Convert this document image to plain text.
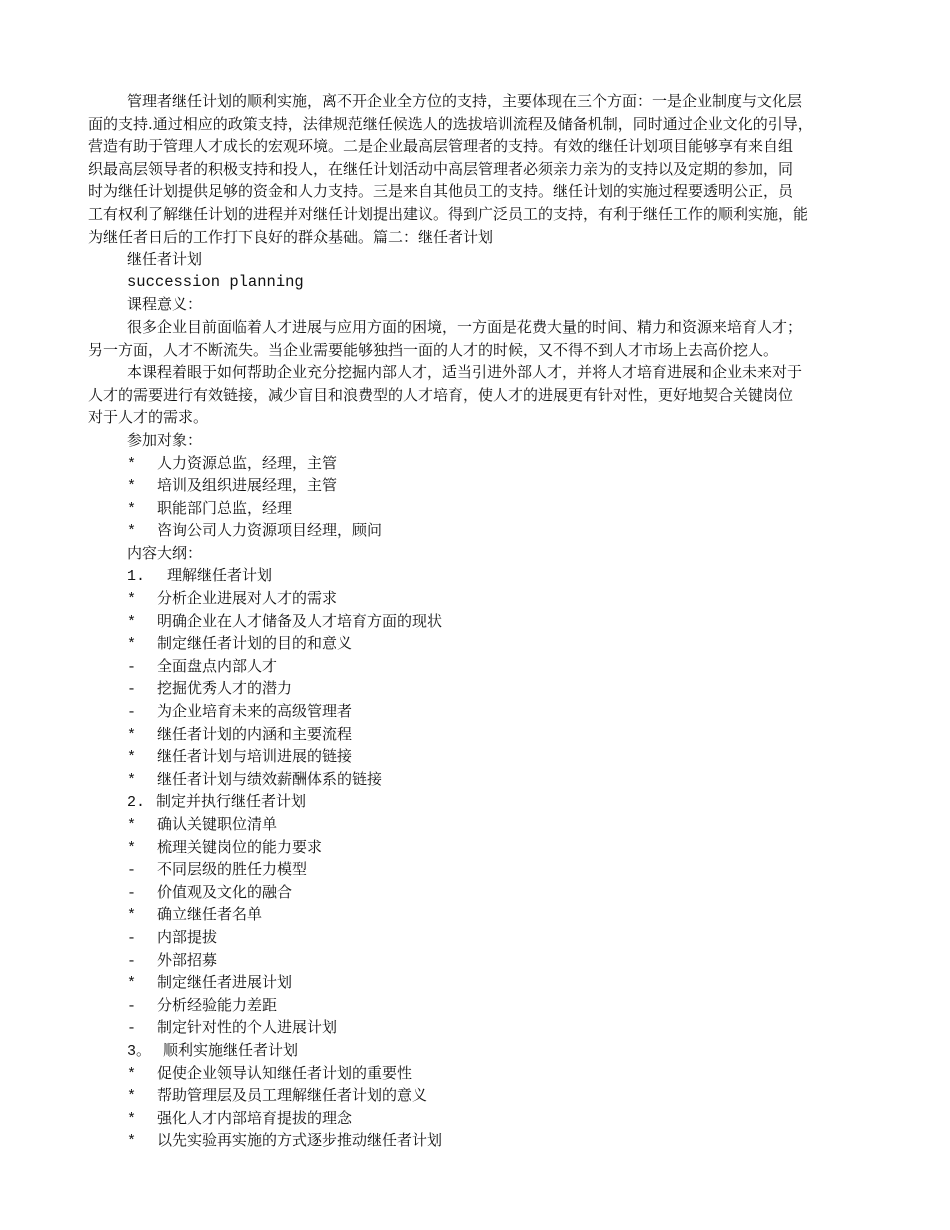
管理者继任计划的顺利实施，离不开企业全方位的支持，主要体现在三个方面：一是企业制度与文化层
面的支持.通过相应的政策支持，法律规范继任候选人的选拔培训流程及储备机制，同时通过企业文化的引导，
营造有助于管理人才成长的宏观环境。二是企业最高层管理者的支持。有效的继任计划项目能够享有来自组
织最高层领导者的积极支持和投人，在继任计划活动中高层管理者必须亲力亲为的支持以及定期的参加，同
时为继任计划提供足够的资金和人力支持。三是来自其他员工的支持。继任计划的实施过程要透明公正，员
工有权利了解继任计划的进程并对继任计划提出建议。得到广泛员工的支持，有利于继任工作的顺利实施，能
为继任者日后的工作打下良好的群众基础。篇二：继任者计划
继任者计划
succession planning
课程意义：
很多企业目前面临着人才进展与应用方面的困境，一方面是花费大量的时间、精力和资源来培育人才；
另一方面，人才不断流失。当企业需要能够独挡一面的人才的时候，又不得不到人才市场上去高价挖人。
本课程着眼于如何帮助企业充分挖掘内部人才，适当引进外部人才，并将人才培育进展和企业未来对于
人才的需要进行有效链接，减少盲目和浪费型的人才培育，使人才的进展更有针对性，更好地契合关键岗位
对于人才的需求。
参加对象：
* 人力资源总监，经理，主管
* 培训及组织进展经理，主管
* 职能部门总监，经理
* 咨询公司人力资源项目经理，顾问
内容大纲：
1. 理解继任者计划
* 分析企业进展对人才的需求
* 明确企业在人才储备及人才培育方面的现状
* 制定继任者计划的目的和意义
- 全面盘点内部人才
- 挖掘优秀人才的潜力
- 为企业培育未来的高级管理者
* 继任者计划的内涵和主要流程
* 继任者计划与培训进展的链接
* 继任者计划与绩效薪酬体系的链接
2. 制定并执行继任者计划
* 确认关键职位清单
* 梳理关键岗位的能力要求
- 不同层级的胜任力模型
- 价值观及文化的融合
* 确立继任者名单
- 内部提拔
- 外部招募
* 制定继任者进展计划
- 分析经验能力差距
- 制定针对性的个人进展计划
3。 顺利实施继任者计划
* 促使企业领导认知继任者计划的重要性
* 帮助管理层及员工理解继任者计划的意义
* 强化人才内部培育提拔的理念
* 以先实验再实施的方式逐步推动继任者计划
